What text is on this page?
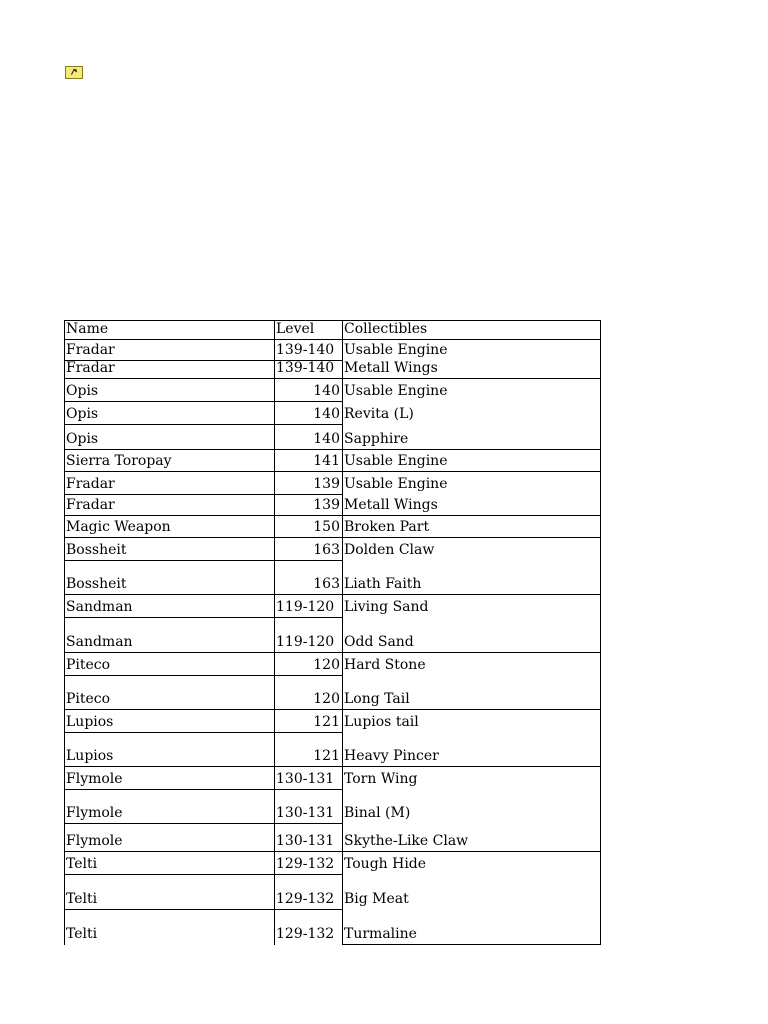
Name	Level	Collectibles
Fradar	139-140 Usable Engine
Fradar	139-140 Metall Wings
Opis	140 Usable Engine
Opis	140 Revita (L)
Opis	140 Sapphire
Sierra Toropay	141 Usable Engine
Fradar	139 Usable Engine
Fradar	139 Metall Wings
Magic Weapon	150 Broken Part
Bossheit	163 Dolden Claw
Bossheit	163 Liath Faith
Sandman	119-120 Living Sand
Sandman	119-120 Odd Sand
Piteco	120 Hard Stone
Piteco	120 Long Tail
Lupios	121 Lupios tail
Lupios	121 Heavy Pincer
Flymole	130-131 Torn Wing
Flymole	130-131 Binal (M)
Flymole	130-131 Skythe-Like Claw
Telti	129-132 Tough Hide
Telti	129-132 Big Meat
Telti	129-132 Turmaline
